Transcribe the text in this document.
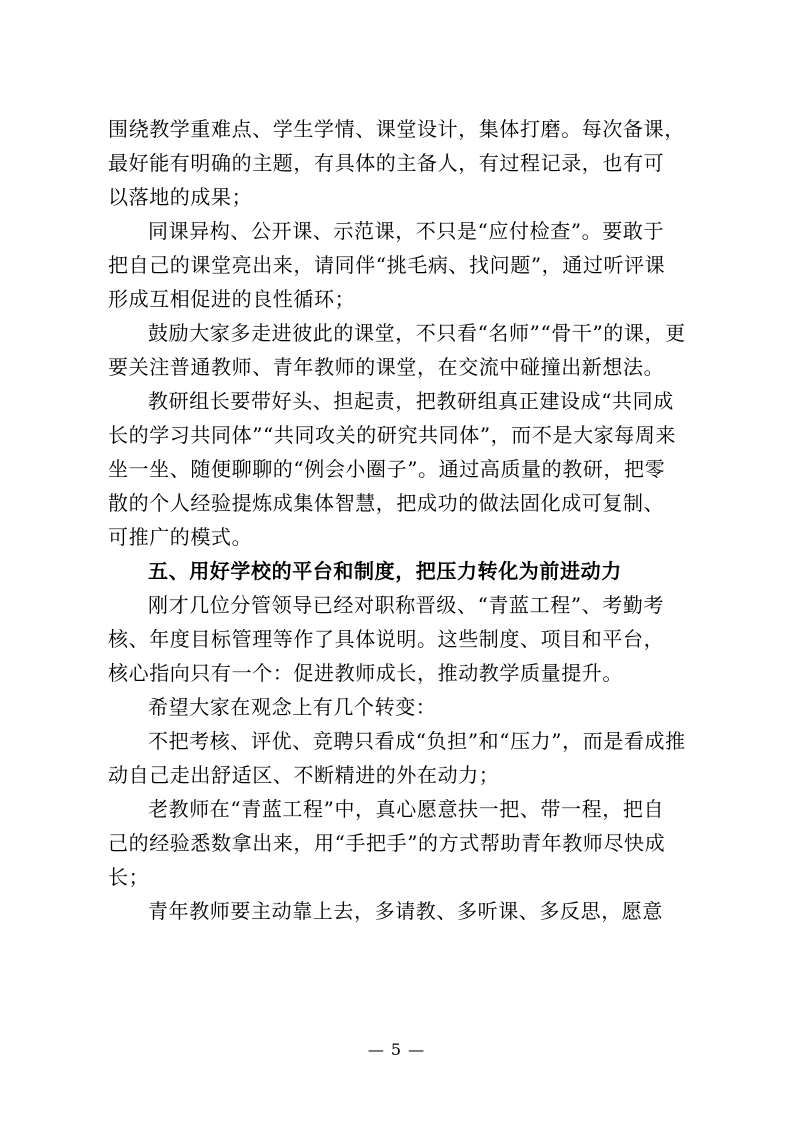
围绕教学重难点、学生学情、课堂设计，集体打磨。每次备课，
最好能有明确的主题，有具体的主备人，有过程记录，也有可
以落地的成果；
同课异构、公开课、示范课，不只是“应付检查”。要敢于
把自己的课堂亮出来，请同伴“挑毛病、找问题”，通过听评课
形成互相促进的良性循环；
鼓励大家多走进彼此的课堂，不只看“名师”“骨干”的课，更
要关注普通教师、青年教师的课堂，在交流中碰撞出新想法。
教研组长要带好头、担起责，把教研组真正建设成“共同成
长的学习共同体”“共同攻关的研究共同体”，而不是大家每周来
坐一坐、随便聊聊的“例会小圈子”。通过高质量的教研，把零
散的个人经验提炼成集体智慧，把成功的做法固化成可复制、
可推广的模式。
五、用好学校的平台和制度，把压力转化为前进动力
刚才几位分管领导已经对职称晋级、“青蓝工程”、考勤考
核、年度目标管理等作了具体说明。这些制度、项目和平台，
核心指向只有一个：促进教师成长，推动教学质量提升。
希望大家在观念上有几个转变：
不把考核、评优、竞聘只看成“负担”和“压力”，而是看成推
动自己走出舒适区、不断精进的外在动力；
老教师在“青蓝工程”中，真心愿意扶一把、带一程，把自
己的经验悉数拿出来，用“手把手”的方式帮助青年教师尽快成
长；
青年教师要主动靠上去，多请教、多听课、多反思，愿意
— 5 —
